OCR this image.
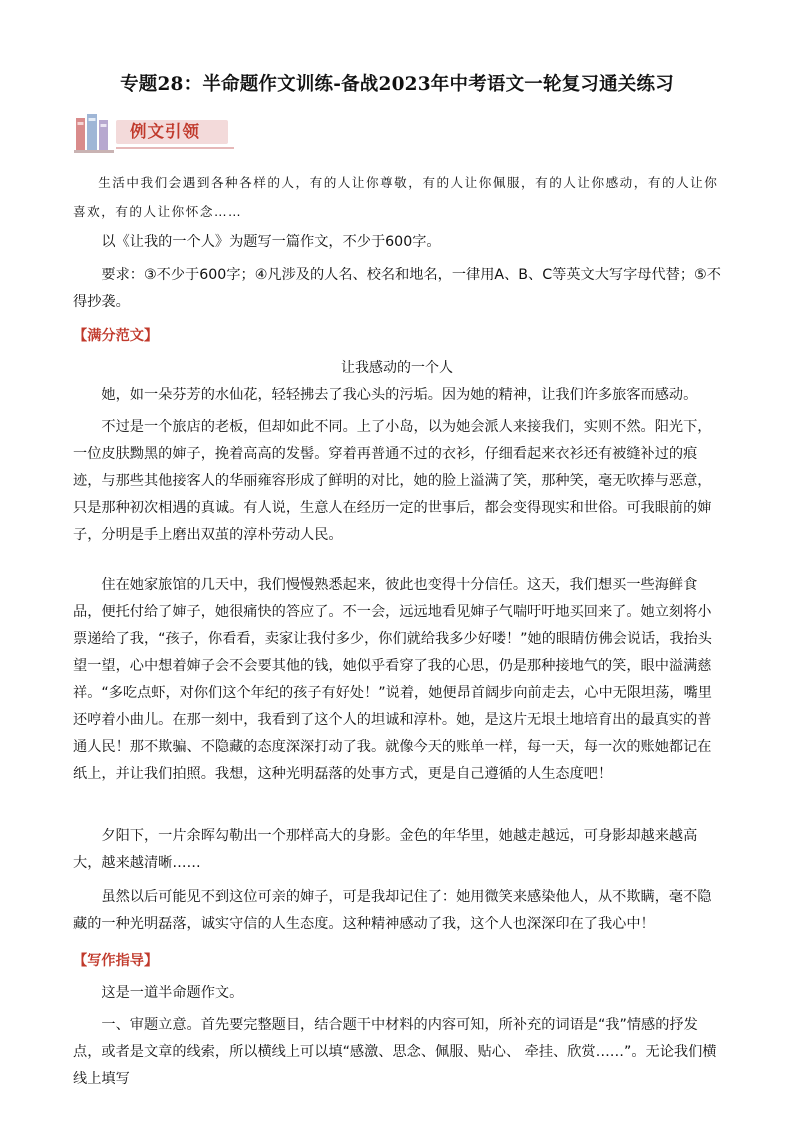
专题28：半命题作文训练-备战2023年中考语文一轮复习通关练习
例文引领
生活中我们会遇到各种各样的人，有的人让你尊敬，有的人让你佩服，有的人让你感动，有的人让你喜欢，有的人让你怀念……
以《让我的一个人》为题写一篇作文，不少于600字。
要求：③不少于600字；④凡涉及的人名、校名和地名，一律用A、B、C等英文大写字母代替；⑤不得抄袭。
【满分范文】
让我感动的一个人
她，如一朵芬芳的水仙花，轻轻拂去了我心头的污垢。因为她的精神，让我们许多旅客而感动。
不过是一个旅店的老板，但却如此不同。上了小岛，以为她会派人来接我们，实则不然。阳光下，一位皮肤黝黑的婶子，挽着高高的发髻。穿着再普通不过的衣衫，仔细看起来衣衫还有被缝补过的痕迹，与那些其他接客人的华丽雍容形成了鲜明的对比，她的脸上溢满了笑，那种笑，毫无吹捧与恶意，只是那种初次相遇的真诚。有人说，生意人在经历一定的世事后，都会变得现实和世俗。可我眼前的婶子，分明是手上磨出双茧的淳朴劳动人民。
住在她家旅馆的几天中，我们慢慢熟悉起来，彼此也变得十分信任。这天，我们想买一些海鲜食品，便托付给了婶子，她很痛快的答应了。不一会，远远地看见婶子气喘吁吁地买回来了。她立刻将小票递给了我，“孩子，你看看，卖家让我付多少，你们就给我多少好喽！”她的眼睛仿佛会说话，我抬头望一望，心中想着婶子会不会要其他的钱，她似乎看穿了我的心思，仍是那种接地气的笑，眼中溢满慈祥。“多吃点虾，对你们这个年纪的孩子有好处！”说着，她便昂首阔步向前走去，心中无限坦荡，嘴里还哼着小曲儿。在那一刻中，我看到了这个人的坦诚和淳朴。她，是这片无垠土地培育出的最真实的普通人民！那不欺骗、不隐藏的态度深深打动了我。就像今天的账单一样，每一天，每一次的账她都记在纸上，并让我们拍照。我想，这种光明磊落的处事方式，更是自己遵循的人生态度吧！
夕阳下，一片余晖勾勒出一个那样高大的身影。金色的年华里，她越走越远，可身影却越来越高大，越来越清晰……
虽然以后可能见不到这位可亲的婶子，可是我却记住了：她用微笑来感染他人，从不欺瞒，毫不隐藏的一种光明磊落，诚实守信的人生态度。这种精神感动了我，这个人也深深印在了我心中！
【写作指导】
这是一道半命题作文。
一、审题立意。首先要完整题目，结合题干中材料的内容可知，所补充的词语是“我”情感的抒发点，或者是文章的线索，所以横线上可以填“感激、思念、佩服、贴心、 牵挂、欣赏……”。无论我们横线上填写
